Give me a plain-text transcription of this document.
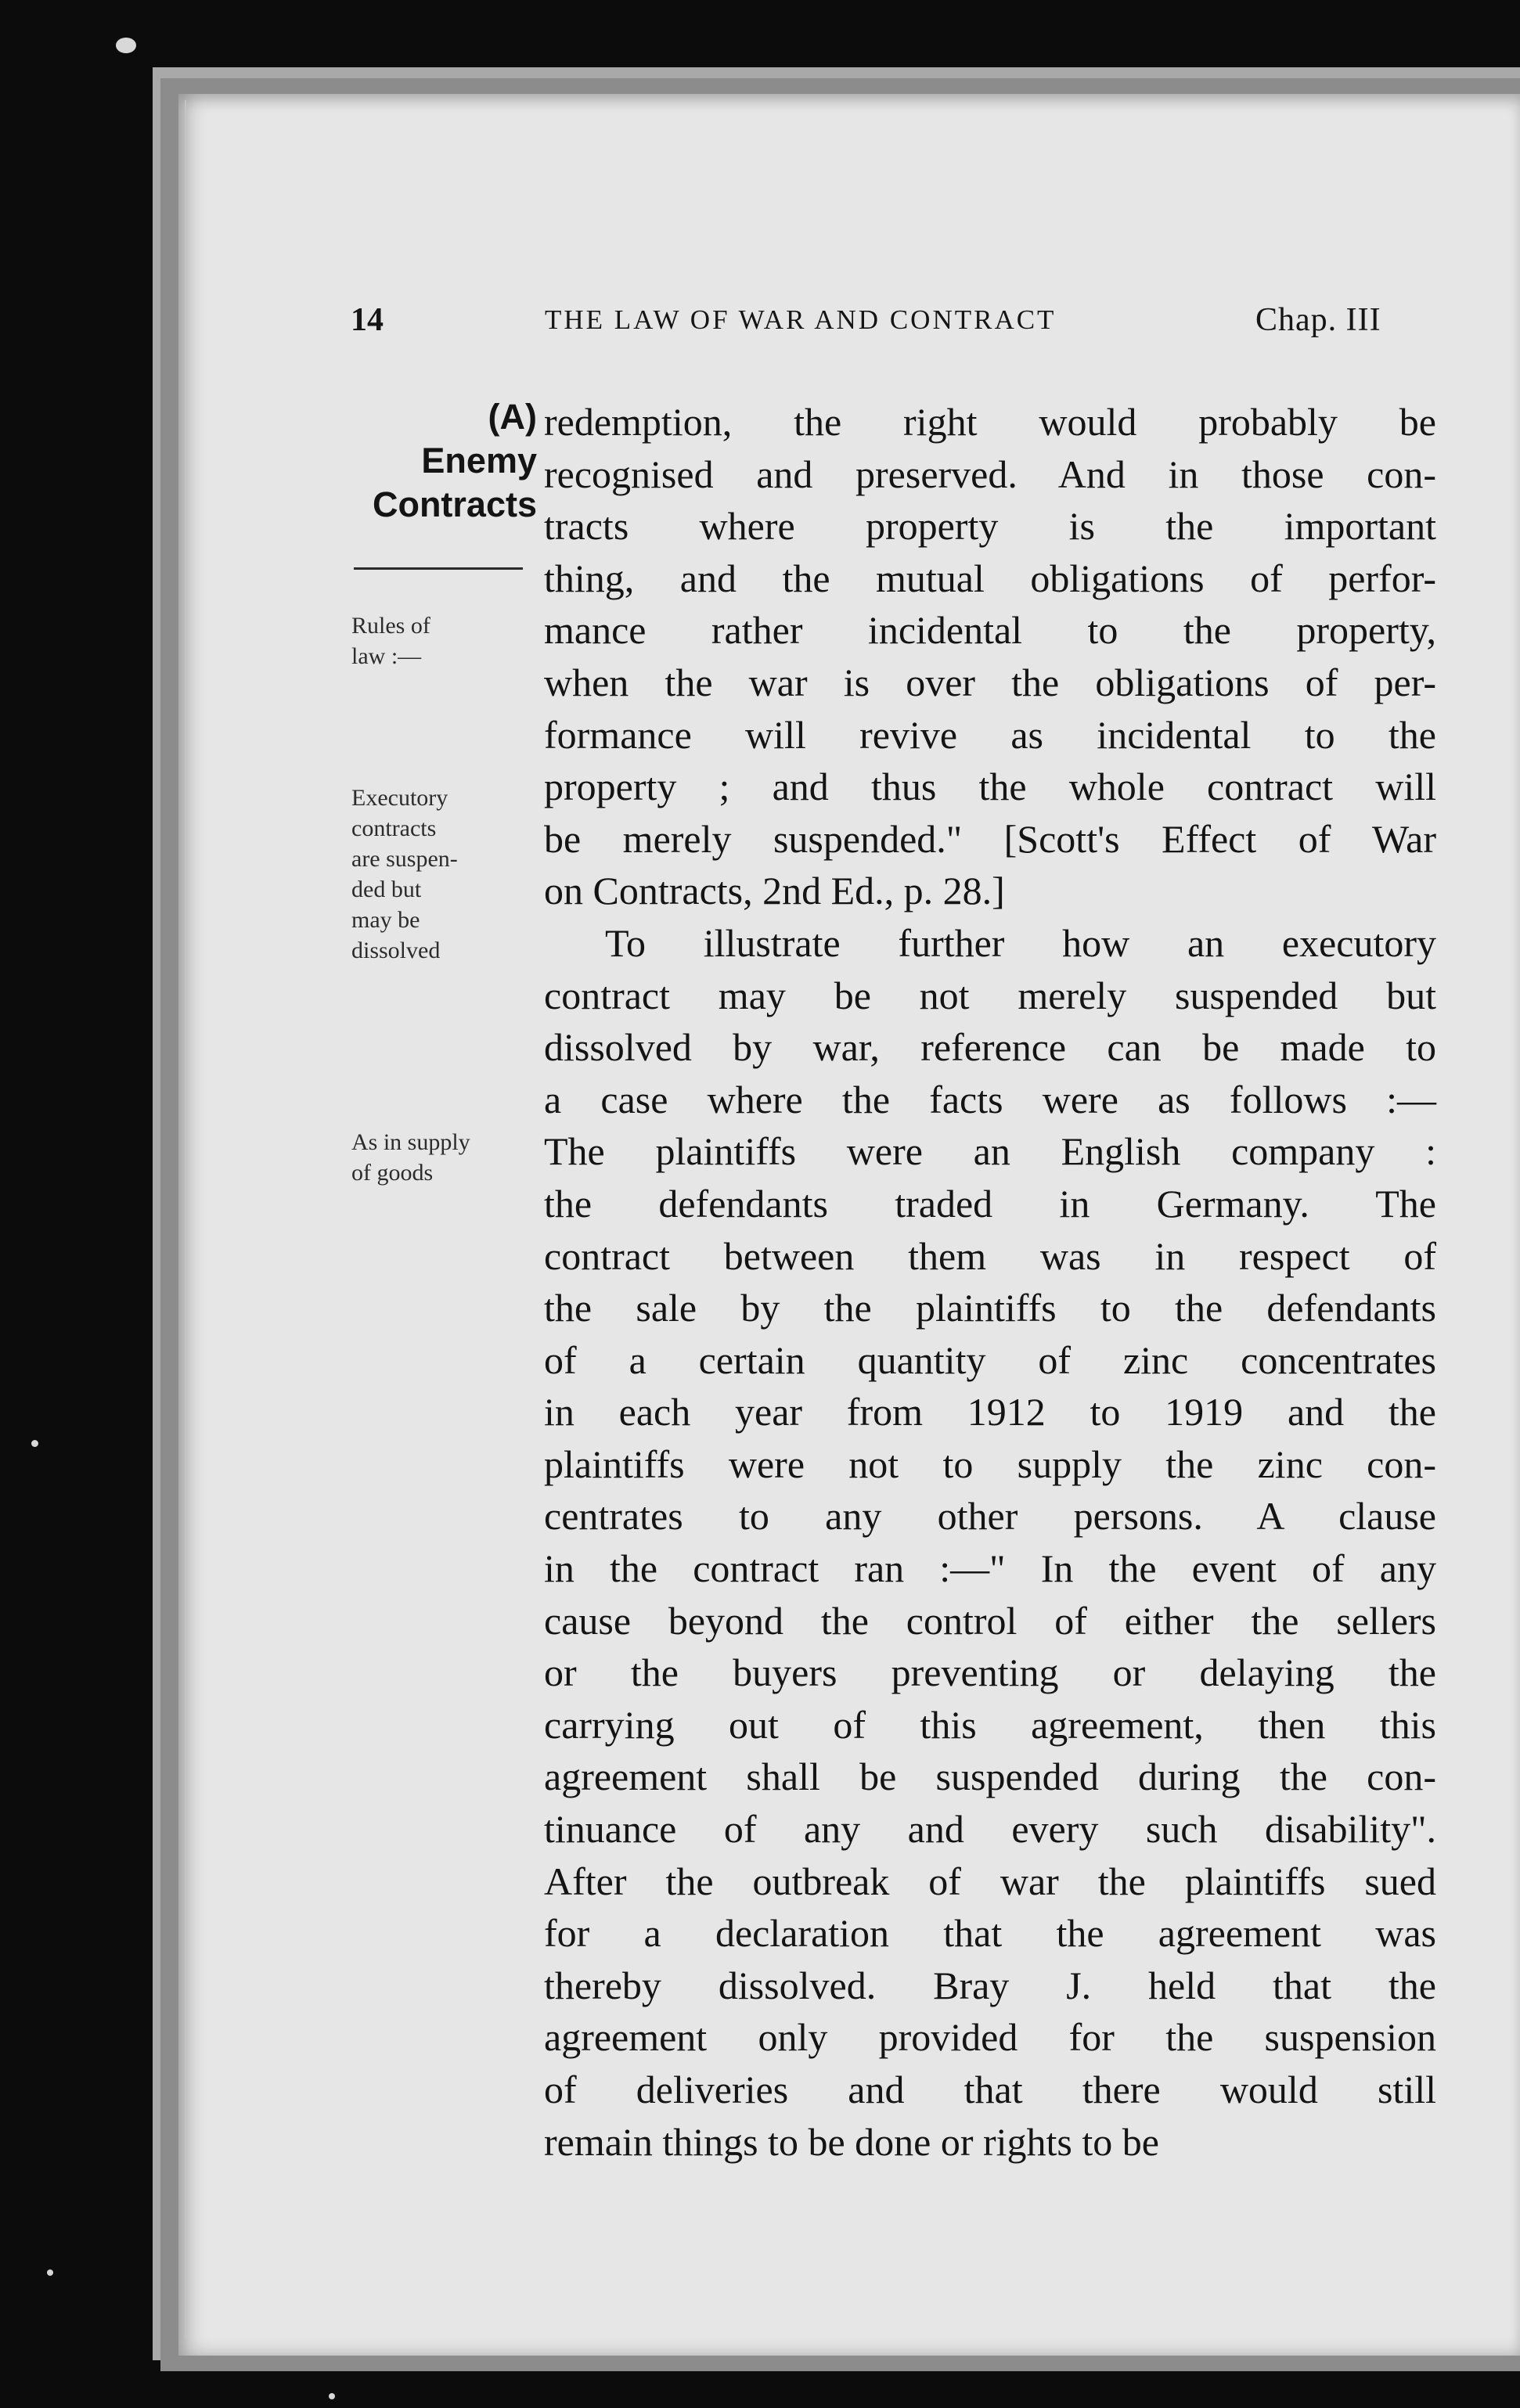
14	THE LAW OF WAR AND CONTRACT	Chap. III
(A)
Enemy
Contracts
Rules of
law :—
Executory
contracts
are suspen-
ded but
may be
dissolved
As in supply
of goods
redemption, the right would probably be
recognised and preserved. And in those con-
tracts where property is the important
thing, and the mutual obligations of perfor-
mance rather incidental to the property,
when the war is over the obligations of per-
formance will revive as incidental to the
property ; and thus the whole contract will
be merely suspended." [Scott's Effect of War
on Contracts, 2nd Ed., p. 28.]
To illustrate further how an executory
contract may be not merely suspended but
dissolved by war, reference can be made to
a case where the facts were as follows :—
The plaintiffs were an English company :
the defendants traded in Germany. The
contract between them was in respect of
the sale by the plaintiffs to the defendants
of a certain quantity of zinc concentrates
in each year from 1912 to 1919 and the
plaintiffs were not to supply the zinc con-
centrates to any other persons. A clause
in the contract ran :—" In the event of any
cause beyond the control of either the sellers
or the buyers preventing or delaying the
carrying out of this agreement, then this
agreement shall be suspended during the con-
tinuance of any and every such disability".
After the outbreak of war the plaintiffs sued
for a declaration that the agreement was
thereby dissolved. Bray J. held that the
agreement only provided for the suspension
of deliveries and that there would still
remain things to be done or rights to be
